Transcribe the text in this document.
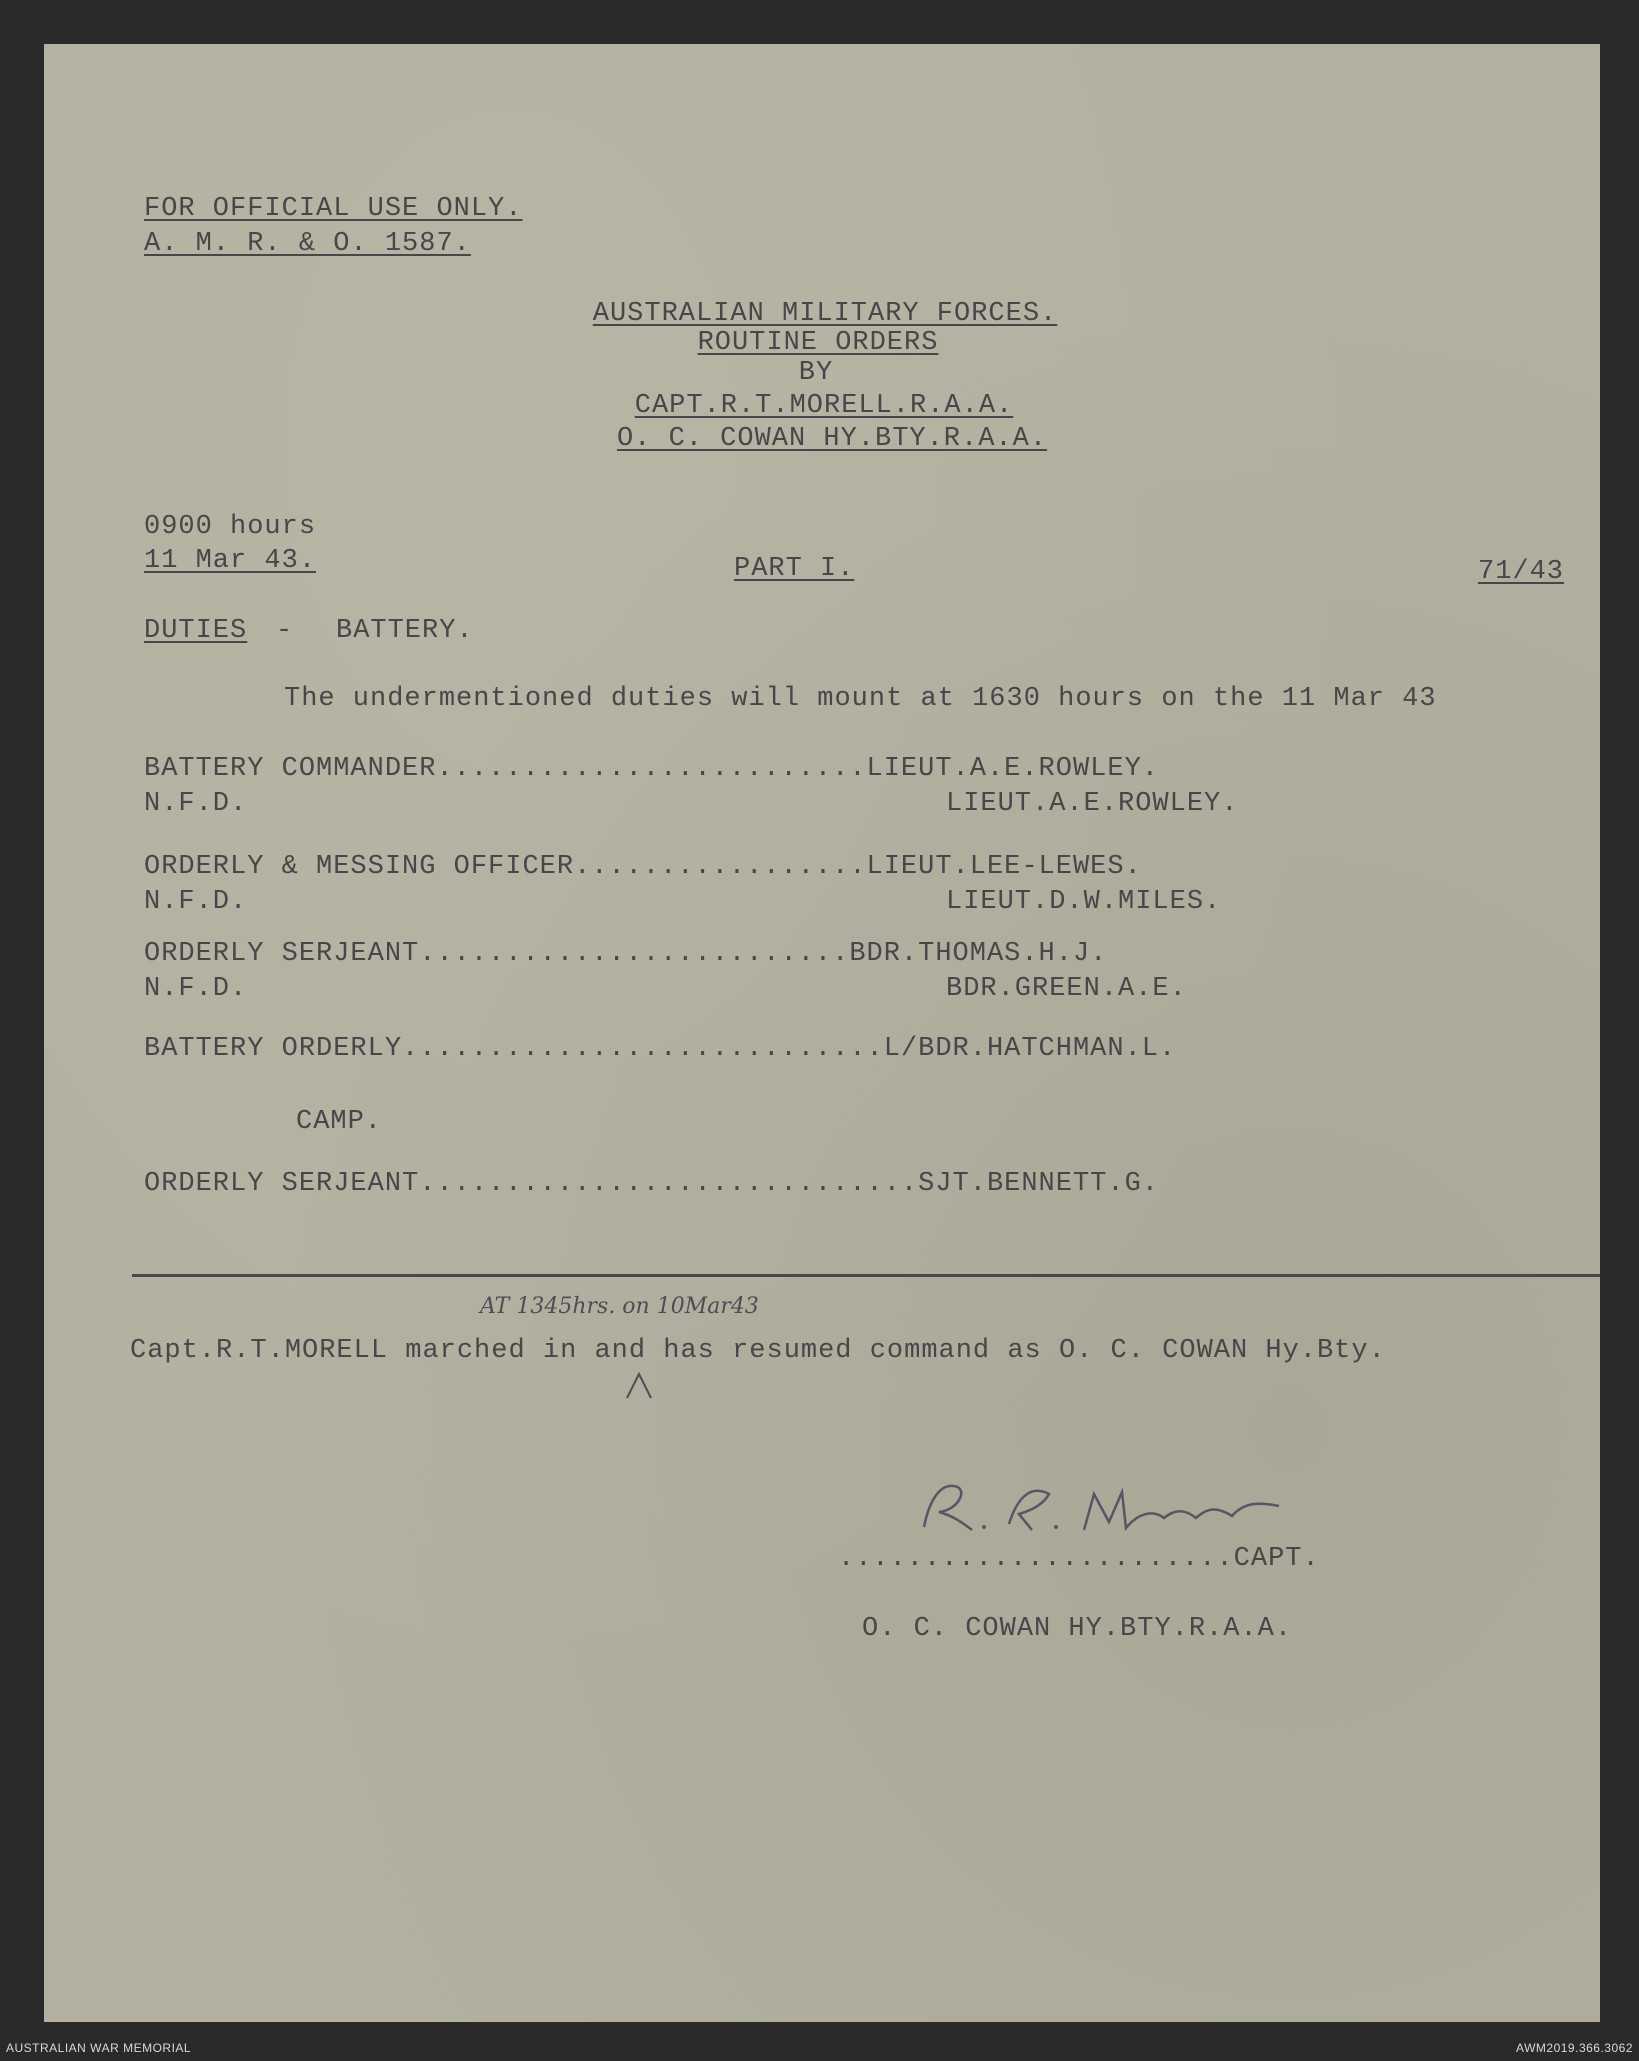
FOR OFFICIAL USE ONLY.
A. M. R. & O. 1587.
AUSTRALIAN MILITARY FORCES.
ROUTINE ORDERS
BY
CAPT.R.T.MORELL.R.A.A.
O. C. COWAN HY.BTY.R.A.A.
0900 hours
11 Mar 43.	PART I.	71/43
DUTIES - BATTERY.
The undermentioned duties will mount at 1630 hours on the 11 Mar 43
BATTERY COMMANDER.........................LIEUT.A.E.ROWLEY.
N.F.D.	LIEUT.A.E.ROWLEY.
ORDERLY & MESSING OFFICER.................LIEUT.LEE-LEWES.
N.F.D.	LIEUT.D.W.MILES.
ORDERLY SERJEANT.........................BDR.THOMAS.H.J.
N.F.D.	BDR.GREEN.A.E.
BATTERY ORDERLY............................L/BDR.HATCHMAN.L.
CAMP.
ORDERLY SERJEANT.............................SJT.BENNETT.G.
AT 1345hrs. on 10Mar43
Capt.R.T.MORELL marched in and has resumed command as O. C. COWAN Hy.Bty.
.......................CAPT.
O. C. COWAN HY.BTY.R.A.A.
AUSTRALIAN WAR MEMORIAL	AWM2019.366.3062
